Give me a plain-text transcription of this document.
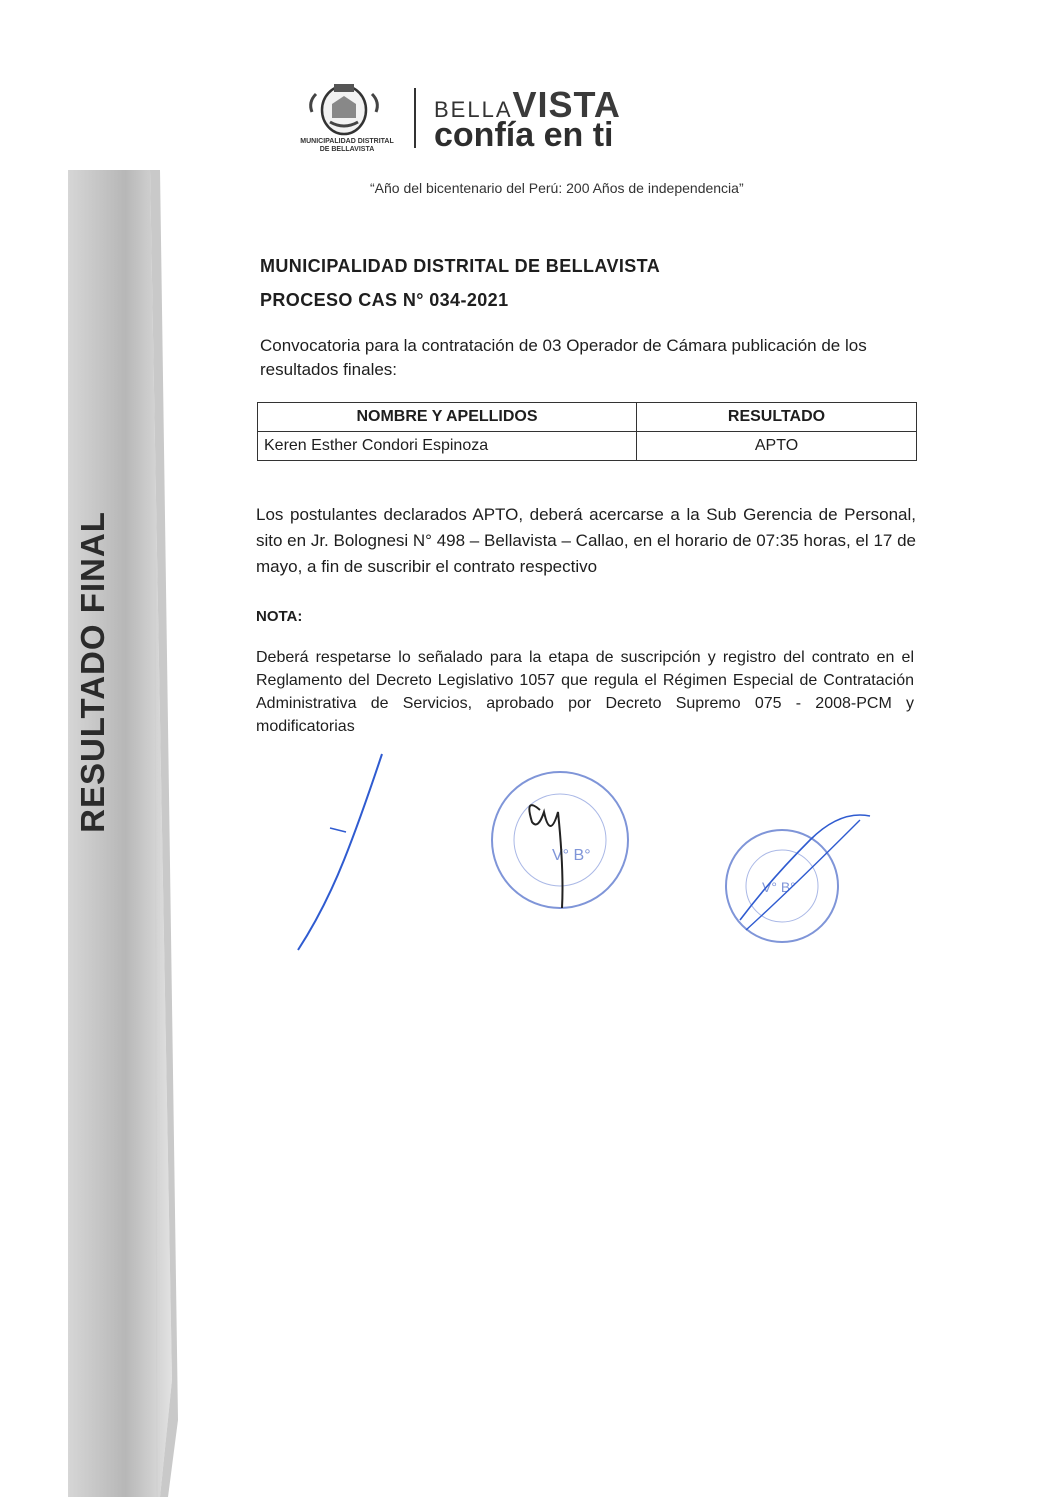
RESULTADO FINAL
MUNICIPALIDAD DISTRITAL
DE BELLAVISTA
BELLAVISTA
confía en ti
“Año del bicentenario del Perú: 200 Años de independencia”
MUNICIPALIDAD DISTRITAL DE BELLAVISTA
PROCESO CAS N° 034-2021
Convocatoria para la contratación de 03 Operador de Cámara publicación de los resultados finales:
NOMBRE Y APELLIDOS	RESULTADO
Keren Esther Condori Espinoza	APTO
Los postulantes declarados APTO, deberá acercarse a la Sub Gerencia de Personal, sito en Jr. Bolognesi N° 498 – Bellavista – Callao, en el horario de 07:35 horas, el 17 de mayo, a fin de suscribir el contrato respectivo
NOTA:
Deberá respetarse lo señalado para la etapa de suscripción y registro del contrato en el Reglamento del Decreto Legislativo 1057 que regula el Régimen Especial de Contratación Administrativa de Servicios, aprobado por Decreto Supremo 075 - 2008-PCM y modificatorias
V° B°
V° B°
